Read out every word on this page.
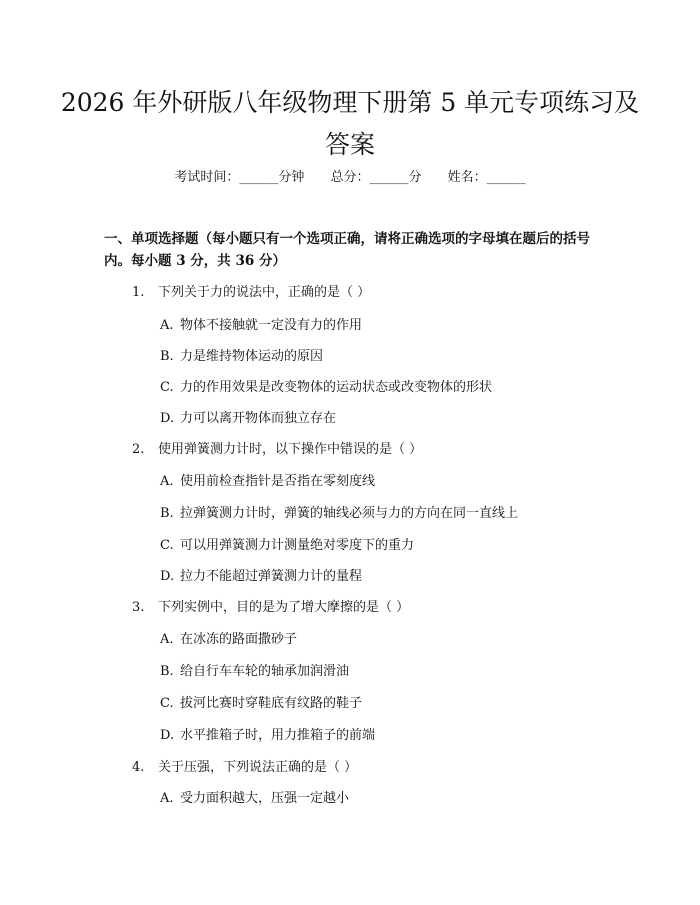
2026 年外研版八年级物理下册第 5 单元专项练习及答案
考试时间：______分钟 总分：______分 姓名：______

一、单项选择题（每小题只有一个选项正确，请将正确选项的字母填在题后的括号内。每小题 3 分，共 36 分）

1. 下列关于力的说法中，正确的是（ ）
A. 物体不接触就一定没有力的作用
B. 力是维持物体运动的原因
C. 力的作用效果是改变物体的运动状态或改变物体的形状
D. 力可以离开物体而独立存在
2. 使用弹簧测力计时，以下操作中错误的是（ ）
A. 使用前检查指针是否指在零刻度线
B. 拉弹簧测力计时，弹簧的轴线必须与力的方向在同一直线上
C. 可以用弹簧测力计测量绝对零度下的重力
D. 拉力不能超过弹簧测力计的量程
3. 下列实例中，目的是为了增大摩擦的是（ ）
A. 在冰冻的路面撒砂子
B. 给自行车车轮的轴承加润滑油
C. 拔河比赛时穿鞋底有纹路的鞋子
D. 水平推箱子时，用力推箱子的前端
4. 关于压强，下列说法正确的是（ ）
A. 受力面积越大，压强一定越小
